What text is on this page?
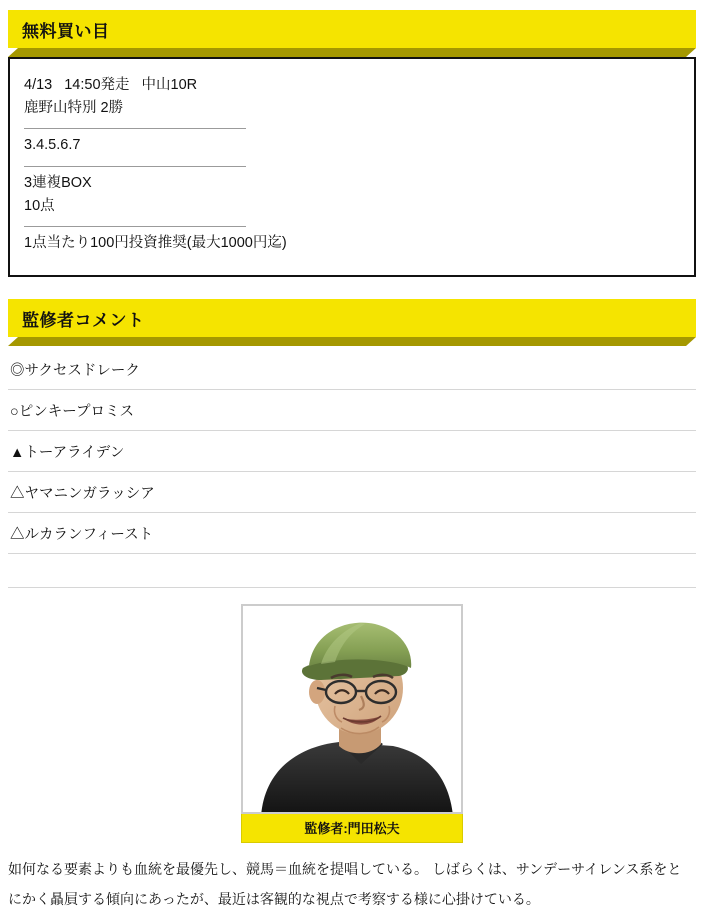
無料買い目
4/13 14:50発走 中山10R
鹿野山特別 2勝
3.4.5.6.7
3連複BOX
10点
1点当たり100円投資推奨(最大1000円迄)
監修者コメント
◎サクセスドレーク
○ピンキープロミス
▲トーアライデン
△ヤマニンガラッシア
△ルカランフィースト
監修者:門田松夫

如何なる要素よりも血統を最優先し、競馬＝血統を提唱している。 しばらくは、サンデーサイレンス系をと

にかく贔屓する傾向にあったが、最近は客観的な視点で考察する様に心掛けている。
